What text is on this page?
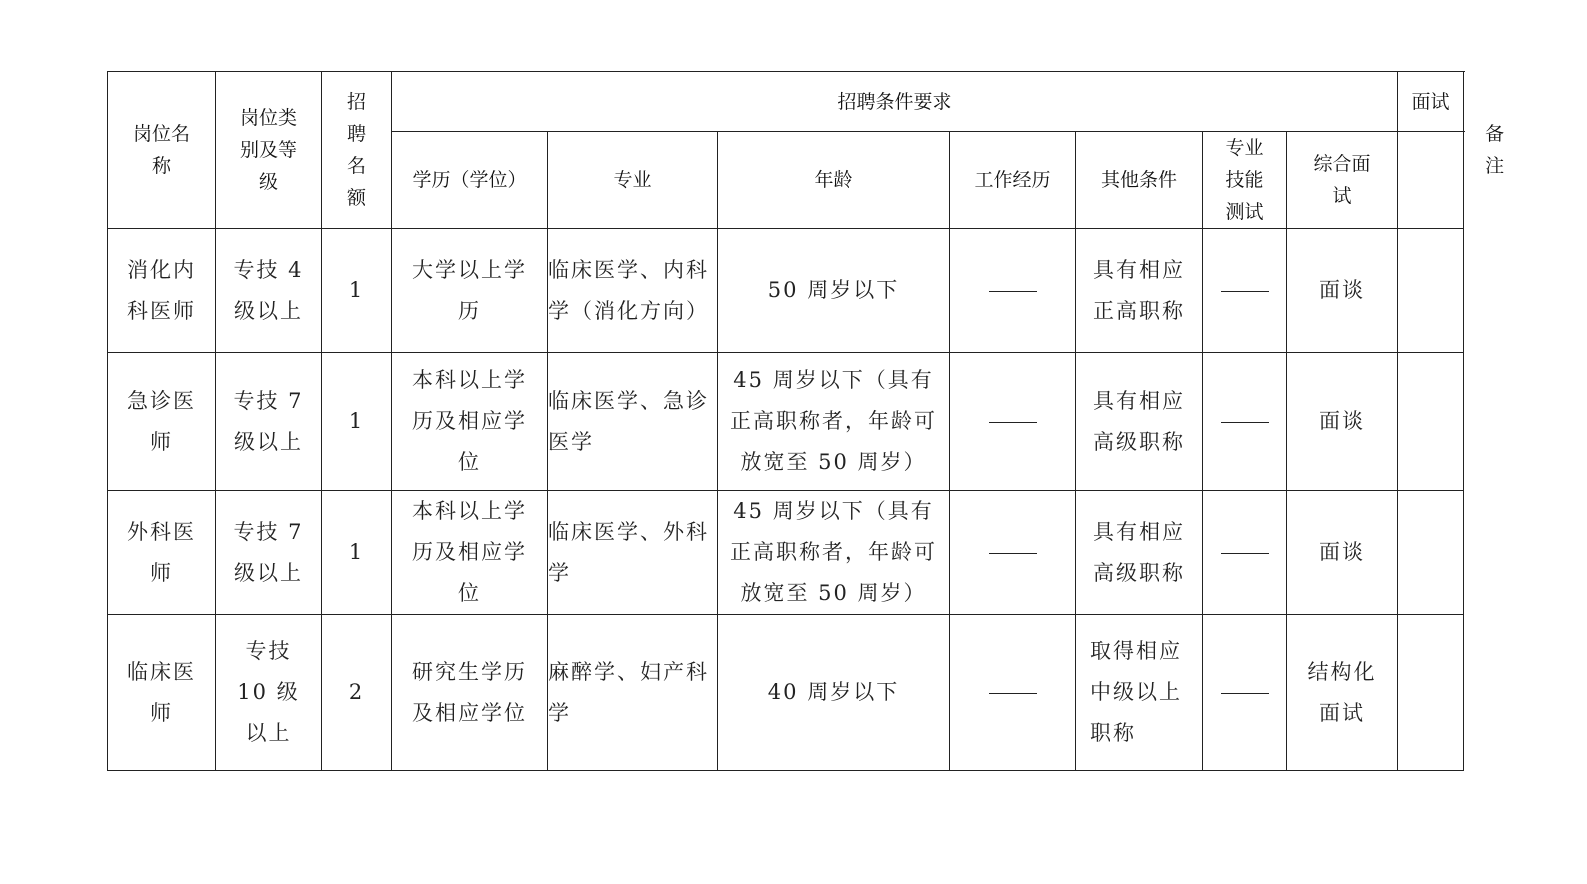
岗位名称	岗位类别及等级	招聘名额	招聘条件要求							面试	备注
			学历（学位）	专业	年龄	工作经历	其他条件	专业技能测试	综合面试		
消化内科医师	专技 4 级以上	1	大学以上学历	临床医学、内科学（消化方向）	50 周岁以下		具有相应正高职称		面谈		
急诊医师	专技 7 级以上	1	本科以上学历及相应学位	临床医学、急诊医学	45 周岁以下（具有正高职称者，年龄可放宽至 50 周岁）		具有相应高级职称		面谈		
外科医师	专技 7 级以上	1	本科以上学历及相应学位	临床医学、外科学	45 周岁以下（具有正高职称者，年龄可放宽至 50 周岁）		具有相应高级职称		面谈		
临床医师	专技 10 级以上	2	研究生学历及相应学位	麻醉学、妇产科学	40 周岁以下		取得相应中级以上职称		结构化面试		
